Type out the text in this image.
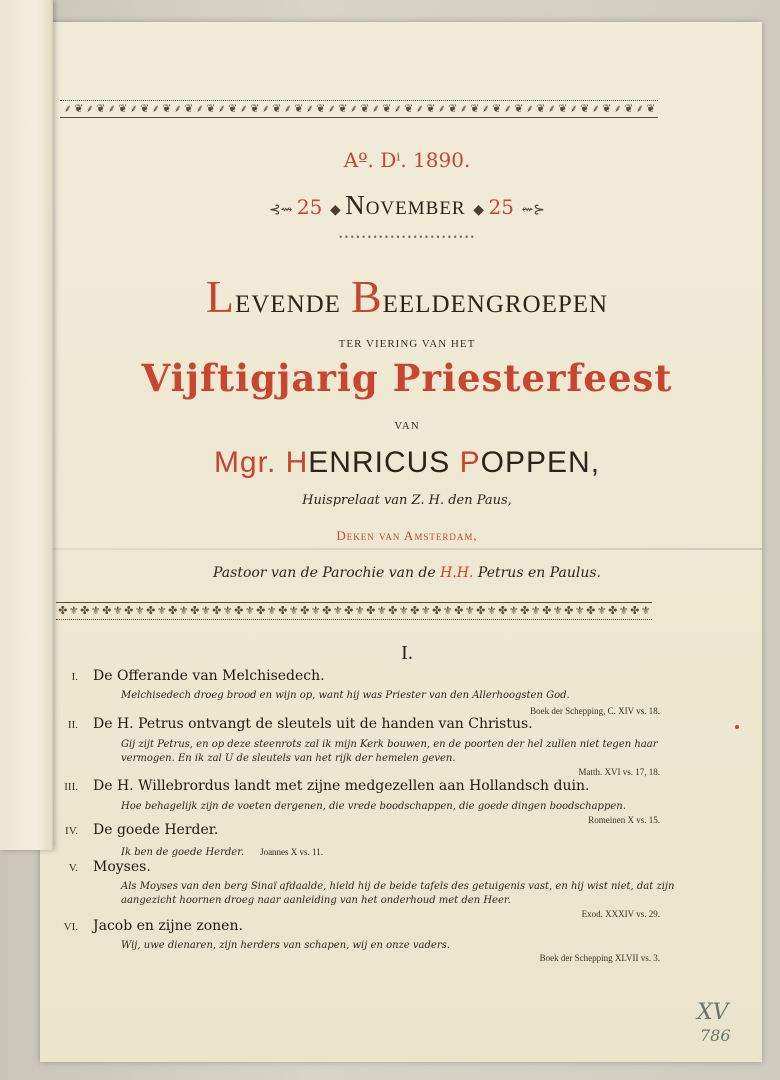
⸙ ❦ ⸙ ❦ ⸙ ❦ ⸙ ❦ ⸙ ❦ ⸙ ❦ ⸙ ❦ ⸙ ❦ ⸙ ❦ ⸙ ❦ ⸙ ❦ ⸙ ❦ ⸙ ❦ ⸙ ❦ ⸙ ❦ ⸙ ❦ ⸙ ❦ ⸙ ❦ ⸙ ❦ ⸙ ❦ ⸙ ❦ ⸙ ❦ ⸙ ❦ ⸙ ❦ ⸙ ❦ ⸙ ❦ ⸙ ❦
Aº. Dⁱ. 1890.
⊰⇝ 25 ◆ November ◆ 25 ⇜⊱
••••••••••••••••••••••••
Levende Beeldengroepen
TER VIERING VAN HET
Vijftigjarig Priesterfeest
VAN
Mgr. HENRICUS POPPEN,
Huisprelaat van Z. H. den Paus,
Deken van Amsterdam,
Pastoor van de Parochie van de H.H. Petrus en Paulus.
✤ ⚜ ✤ ⚜ ✤ ⚜ ✤ ⚜ ✤ ⚜ ✤ ⚜ ✤ ⚜ ✤ ⚜ ✤ ⚜ ✤ ⚜ ✤ ⚜ ✤ ⚜ ✤ ⚜ ✤ ⚜ ✤ ⚜ ✤ ⚜ ✤ ⚜ ✤ ⚜ ✤ ⚜ ✤ ⚜ ✤ ⚜ ✤ ⚜ ✤ ⚜ ✤ ⚜ ✤ ⚜ ✤ ⚜ ✤ ⚜
I.
I. De Offerande van Melchisedech.
Melchisedech droeg brood en wijn op, want hij was Priester van den Allerhoogsten God.
Boek der Schepping, C. XIV vs. 18.
II. De H. Petrus ontvangt de sleutels uit de handen van Christus.
Gij zijt Petrus, en op deze steenrots zal ik mijn Kerk bouwen, en de poorten der hel zullen niet tegen haar vermogen. En ik zal U de sleutels van het rijk der hemelen geven.
Matth. XVI vs. 17, 18.
III. De H. Willebrordus landt met zijne medgezellen aan Hollandsch duin.
Hoe behagelijk zijn de voeten dergenen, die vrede boodschappen, die goede dingen boodschappen.
Romeinen X vs. 15.
IV. De goede Herder.
Ik ben de goede Herder. Joannes X vs. 11.
V. Moyses.
Als Moyses van den berg Sinaï afdaalde, hield hij de beide tafels des getuigenis vast, en hij wist niet, dat zijn aangezicht hoornen droeg naar aanleiding van het onderhoud met den Heer.
Exod. XXXIV vs. 29.
VI. Jacob en zijne zonen.
Wij, uwe dienaren, zijn herders van schapen, wij en onze vaders.
Boek der Schepping XLVII vs. 3.
XV
786
